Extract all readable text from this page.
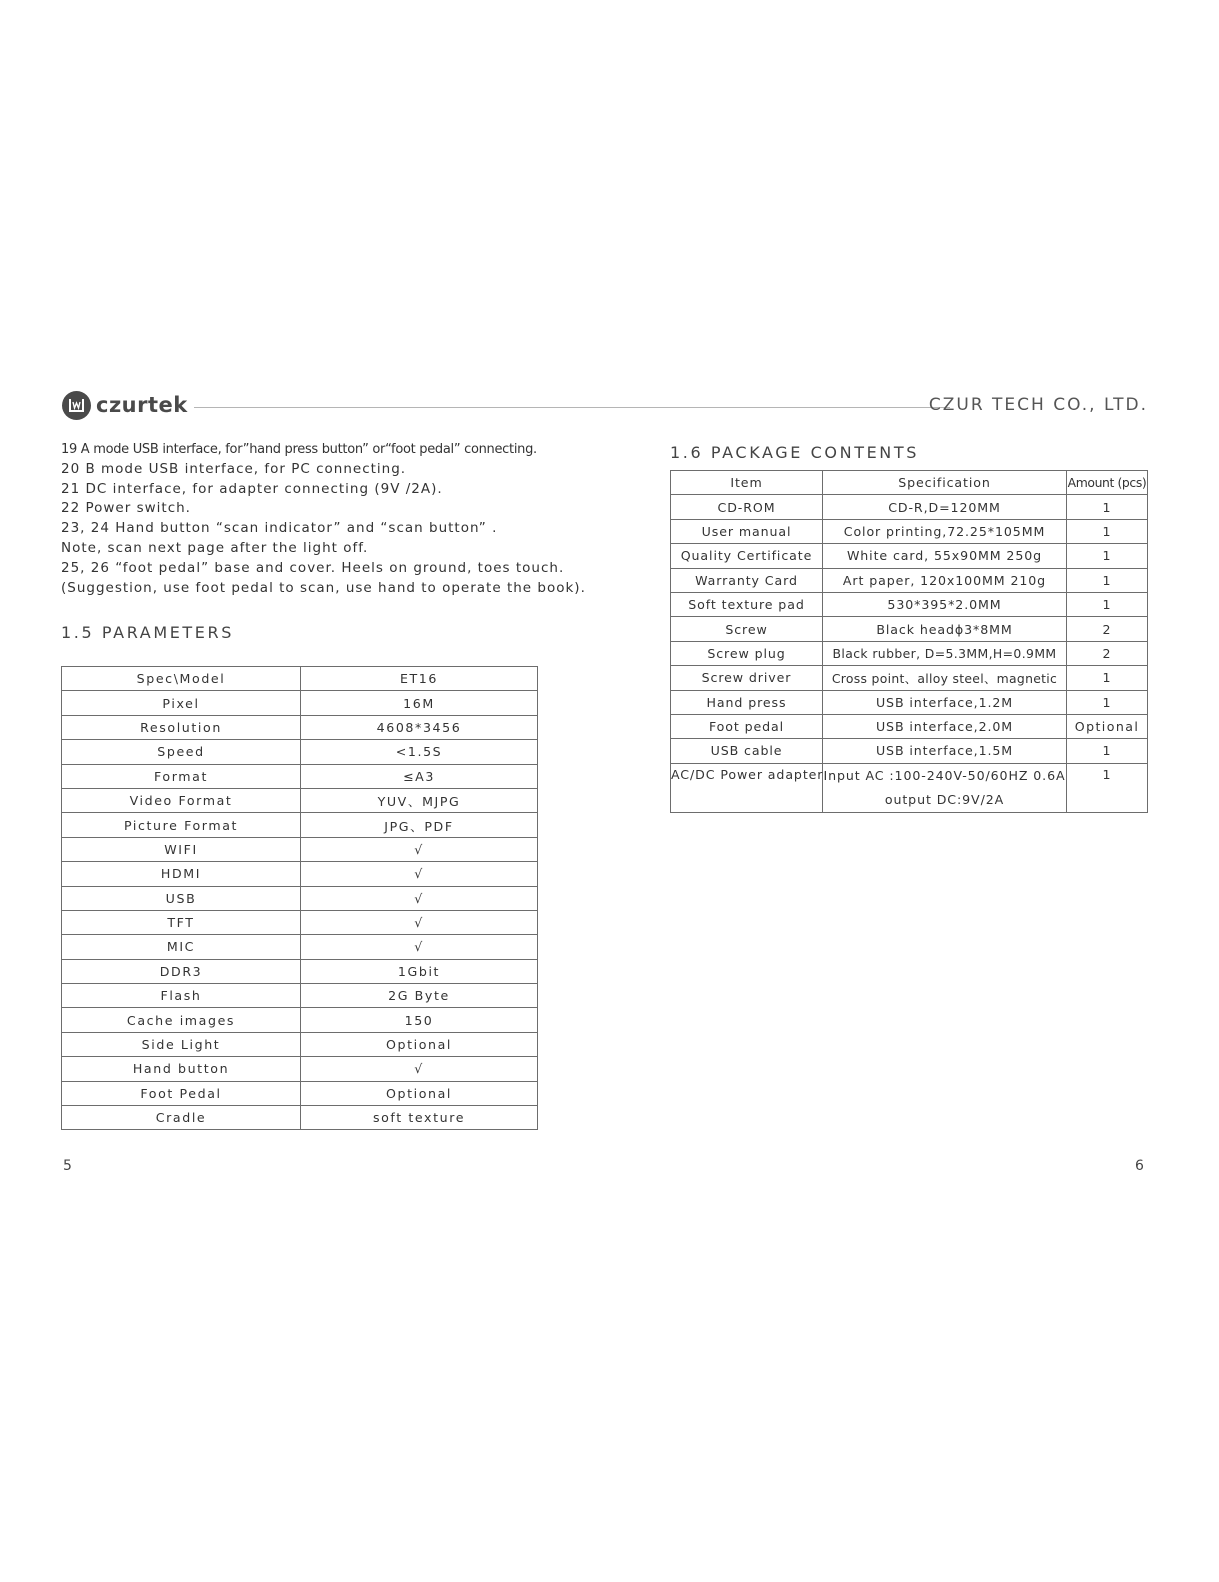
czurtek	CZUR TECH CO., LTD.
19 A mode USB interface, for”hand press button” or“foot pedal” connecting.
20 B mode USB interface, for PC connecting.
21 DC interface, for adapter connecting (9V /2A).
22 Power switch.
23, 24 Hand button “scan indicator” and “scan button” .
Note, scan next page after the light off.
25, 26 “foot pedal” base and cover. Heels on ground, toes touch.
(Suggestion, use foot pedal to scan, use hand to operate the book).
1.5 PARAMETERS
Spec\Model	ET16
Pixel	16M
Resolution	4608*3456
Speed	<1.5S
Format	≤A3
Video Format	YUV、MJPG
Picture Format	JPG、PDF
WIFI	√
HDMI	√
USB	√
TFT	√
MIC	√
DDR3	1Gbit
Flash	2G Byte
Cache images	150
Side Light	Optional
Hand button	√
Foot Pedal	Optional
Cradle	soft texture
1.6 PACKAGE CONTENTS
Item	Specification	Amount (pcs)
CD-ROM	CD-R,D=120MM	1
User manual	Color printing,72.25*105MM	1
Quality Certificate	White card, 55x90MM 250g	1
Warranty Card	Art paper, 120x100MM 210g	1
Soft texture pad	530*395*2.0MM	1
Screw	Black headϕ3*8MM	2
Screw plug	Black rubber, D=5.3MM,H=0.9MM	2
Screw driver	Cross point、alloy steel、magnetic	1
Hand press	USB interface,1.2M	1
Foot pedal	USB interface,2.0M	Optional
USB cable	USB interface,1.5M	1
AC/DC Power adapter	Input AC :100-240V-50/60HZ 0.6A
output DC:9V/2A	1
5	6
